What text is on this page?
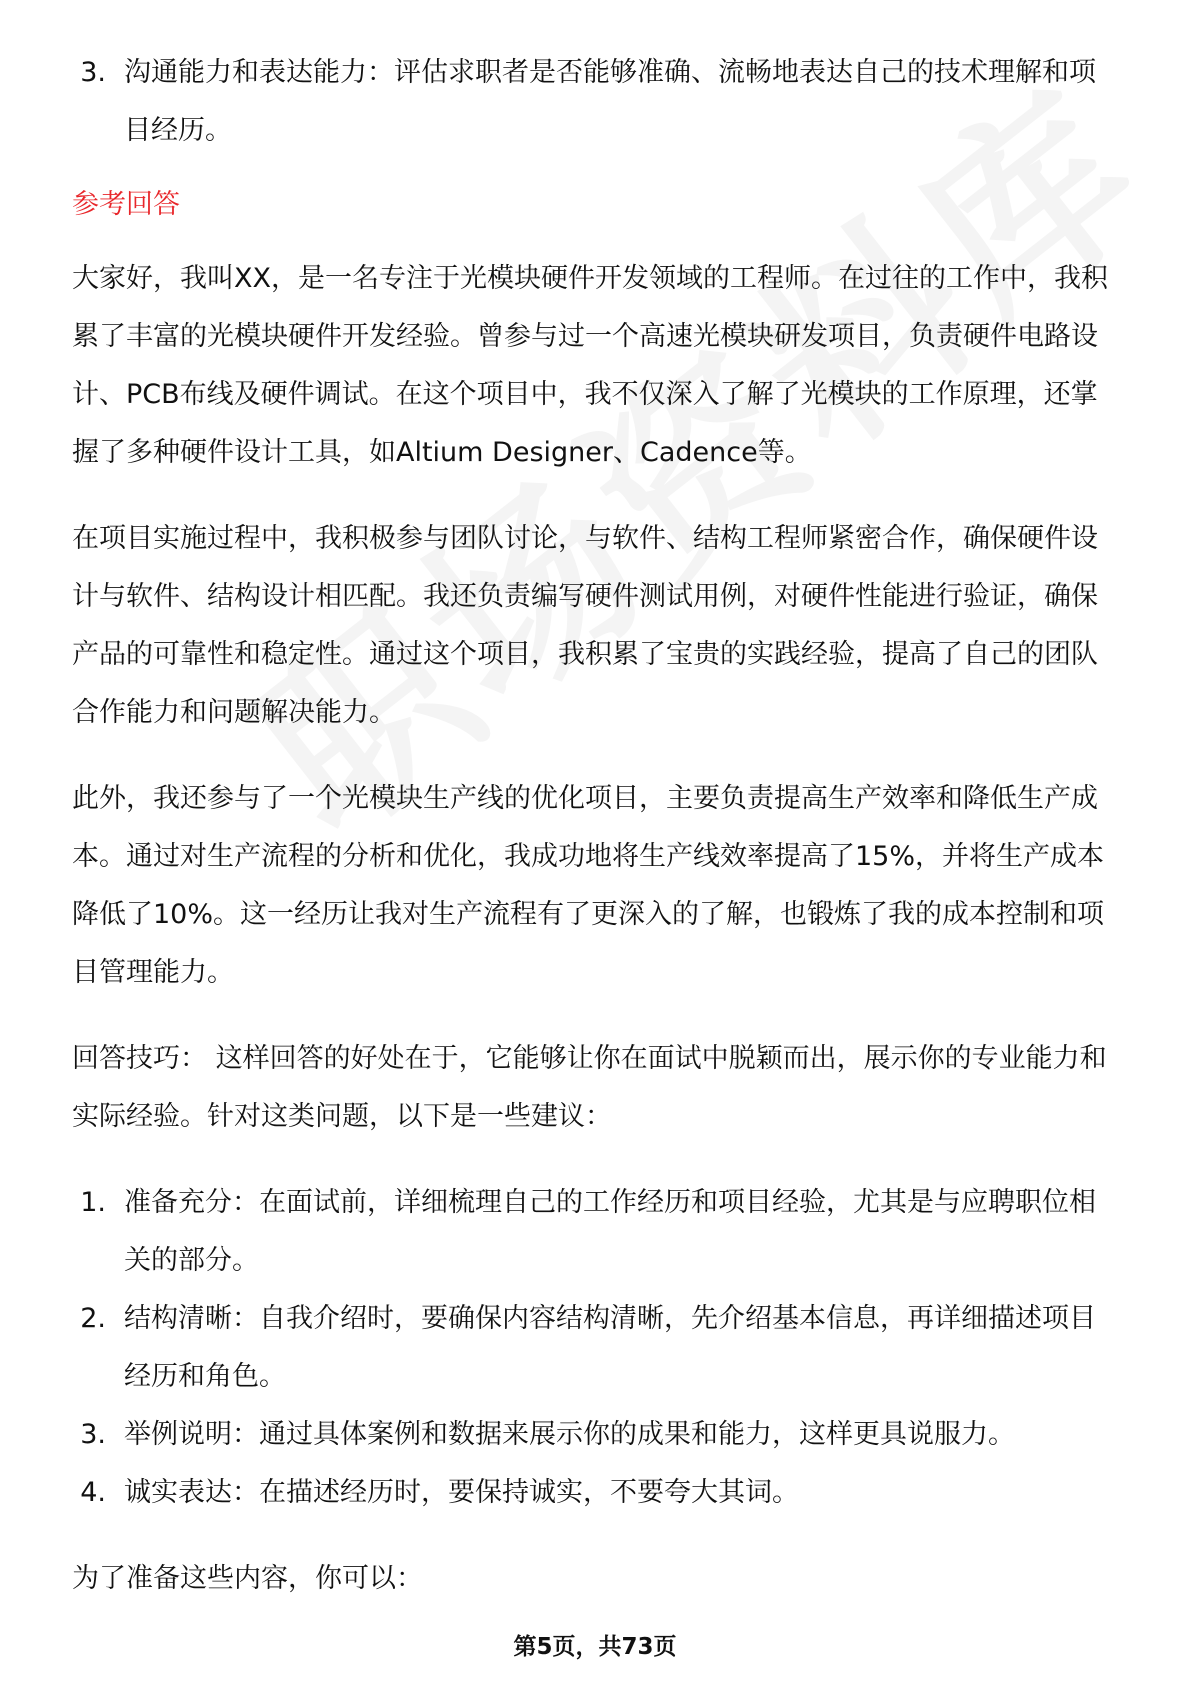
3. 沟通能力和表达能力：评估求职者是否能够准确、流畅地表达自己的技术理解和项目经历。

参考回答

大家好，我叫XX，是一名专注于光模块硬件开发领域的工程师。在过往的工作中，我积累了丰富的光模块硬件开发经验。曾参与过一个高速光模块研发项目，负责硬件电路设计、PCB布线及硬件调试。在这个项目中，我不仅深入了解了光模块的工作原理，还掌握了多种硬件设计工具，如Altium Designer、Cadence等。

在项目实施过程中，我积极参与团队讨论，与软件、结构工程师紧密合作，确保硬件设计与软件、结构设计相匹配。我还负责编写硬件测试用例，对硬件性能进行验证，确保产品的可靠性和稳定性。通过这个项目，我积累了宝贵的实践经验，提高了自己的团队合作能力和问题解决能力。

此外，我还参与了一个光模块生产线的优化项目，主要负责提高生产效率和降低生产成本。通过对生产流程的分析和优化，我成功地将生产线效率提高了15%，并将生产成本降低了10%。这一经历让我对生产流程有了更深入的了解，也锻炼了我的成本控制和项目管理能力。

回答技巧： 这样回答的好处在于，它能够让你在面试中脱颖而出，展示你的专业能力和实际经验。针对这类问题，以下是一些建议：

1. 准备充分：在面试前，详细梳理自己的工作经历和项目经验，尤其是与应聘职位相关的部分。
2. 结构清晰：自我介绍时，要确保内容结构清晰，先介绍基本信息，再详细描述项目经历和角色。
3. 举例说明：通过具体案例和数据来展示你的成果和能力，这样更具说服力。
4. 诚实表达：在描述经历时，要保持诚实，不要夸大其词。

为了准备这些内容，你可以：

第5页，共73页
